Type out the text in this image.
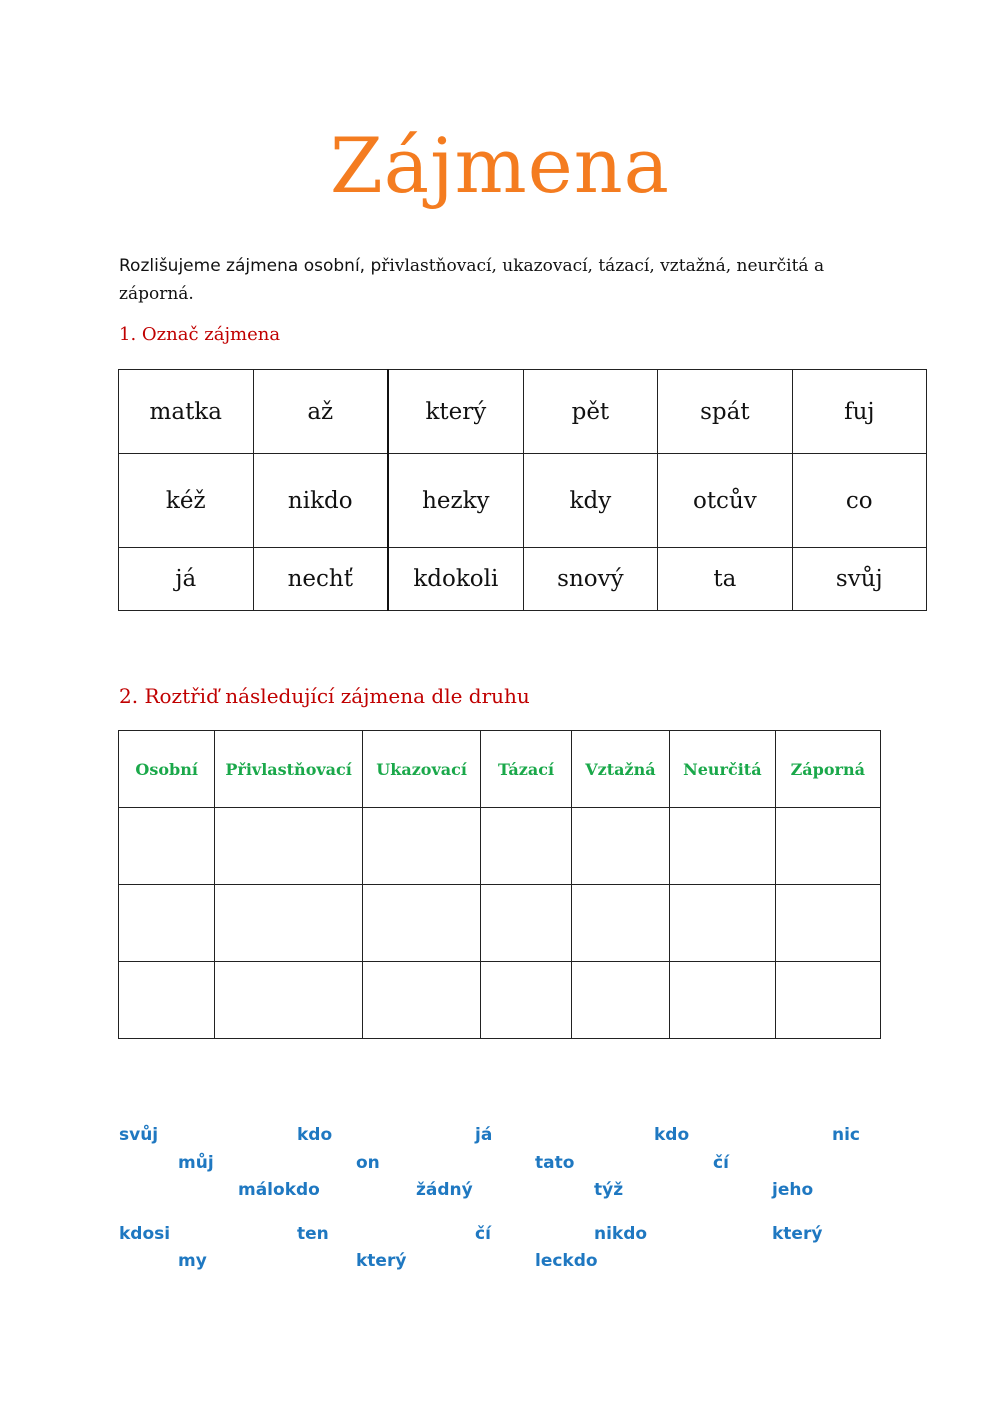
Zájmena
Rozlišujeme zájmena osobní, přivlastňovací, ukazovací, tázací, vztažná, neurčitá a záporná.
1. Označ zájmena
matka	až	který	pět	spát	fuj
kéž	nikdo	hezky	kdy	otcův	co
já	nechť	kdokoli	snový	ta	svůj
2. Roztřiď následující zájmena dle druhu
Osobní	Přivlastňovací	Ukazovací	Tázací	Vztažná	Neurčitá	Záporná

svůj	kdo	já	kdo	nic
můj	on	tato	čí
málokdo	žádný	týž	jeho
kdosi	ten	čí	nikdo	který
my	který	leckdo
